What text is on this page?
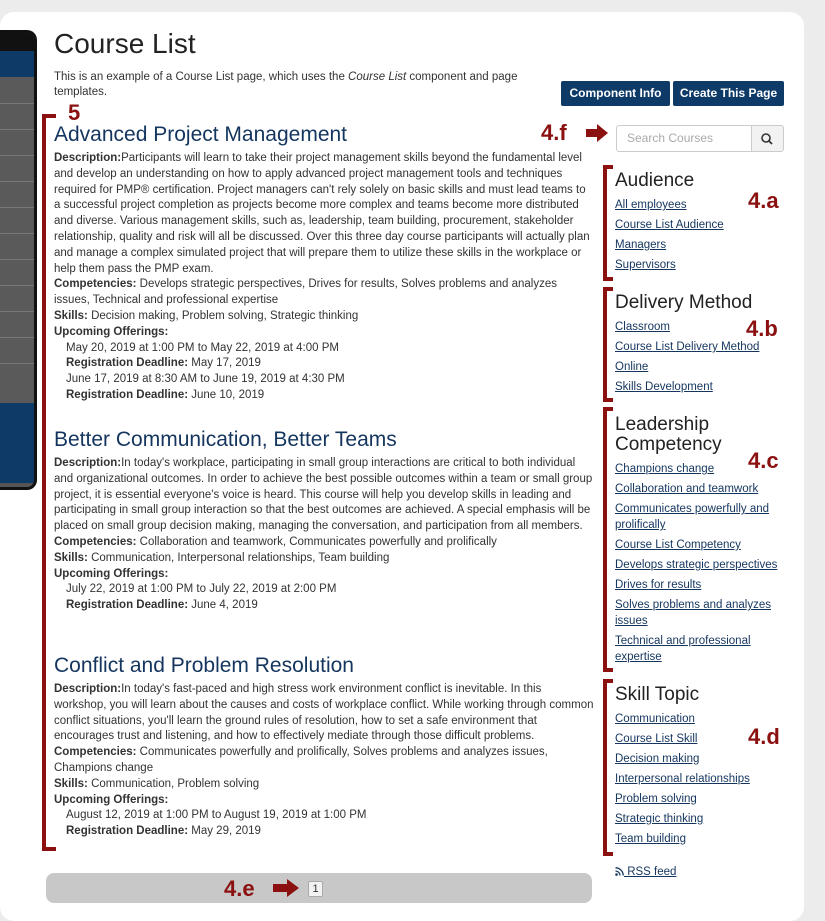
Course List

This is an example of a Course List page, which uses the Course List component and page templates.	Component Info	Create This Page
5
4.f	Search Courses
Advanced Project Management
Description:Participants will learn to take their project management skills beyond the fundamental level and develop an understanding on how to apply advanced project management tools and techniques required for PMP® certification. Project managers can't rely solely on basic skills and must lead teams to a successful project completion as projects become more complex and teams become more distributed and diverse. Various management skills, such as, leadership, team building, procurement, stakeholder relationship, quality and risk will all be discussed. Over this three day course participants will actually plan and manage a complex simulated project that will prepare them to utilize these skills in the workplace or help them pass the PMP exam.
Competencies: Develops strategic perspectives, Drives for results, Solves problems and analyzes issues, Technical and professional expertise
Skills: Decision making, Problem solving, Strategic thinking
Upcoming Offerings:
May 20, 2019 at 1:00 PM to May 22, 2019 at 4:00 PM
Registration Deadline: May 17, 2019
June 17, 2019 at 8:30 AM to June 19, 2019 at 4:30 PM
Registration Deadline: June 10, 2019
Better Communication, Better Teams
Description:In today's workplace, participating in small group interactions are critical to both individual and organizational outcomes. In order to achieve the best possible outcomes within a team or small group project, it is essential everyone's voice is heard. This course will help you develop skills in leading and participating in small group interaction so that the best outcomes are achieved. A special emphasis will be placed on small group decision making, managing the conversation, and participation from all members.
Competencies: Collaboration and teamwork, Communicates powerfully and prolifically
Skills: Communication, Interpersonal relationships, Team building
Upcoming Offerings:
July 22, 2019 at 1:00 PM to July 22, 2019 at 2:00 PM
Registration Deadline: June 4, 2019
Conflict and Problem Resolution
Description:In today's fast-paced and high stress work environment conflict is inevitable. In this workshop, you will learn about the causes and costs of workplace conflict. While working through common conflict situations, you'll learn the ground rules of resolution, how to set a safe environment that encourages trust and listening, and how to effectively mediate through those difficult problems.
Competencies: Communicates powerfully and prolifically, Solves problems and analyzes issues, Champions change
Skills: Communication, Problem solving
Upcoming Offerings:
August 12, 2019 at 1:00 PM to August 19, 2019 at 1:00 PM
Registration Deadline: May 29, 2019
Audience
All employees
Course List Audience
Managers
Supervisors
4.a
Delivery Method
Classroom
Course List Delivery Method
Online
Skills Development
4.b
Leadership Competency
Champions change
Collaboration and teamwork
Communicates powerfully and prolifically
Course List Competency
Develops strategic perspectives
Drives for results
Solves problems and analyzes issues
Technical and professional expertise
4.c
Skill Topic
Communication
Course List Skill
Decision making
Interpersonal relationships
Problem solving
Strategic thinking
Team building
4.d
4.e	1
RSS feed
